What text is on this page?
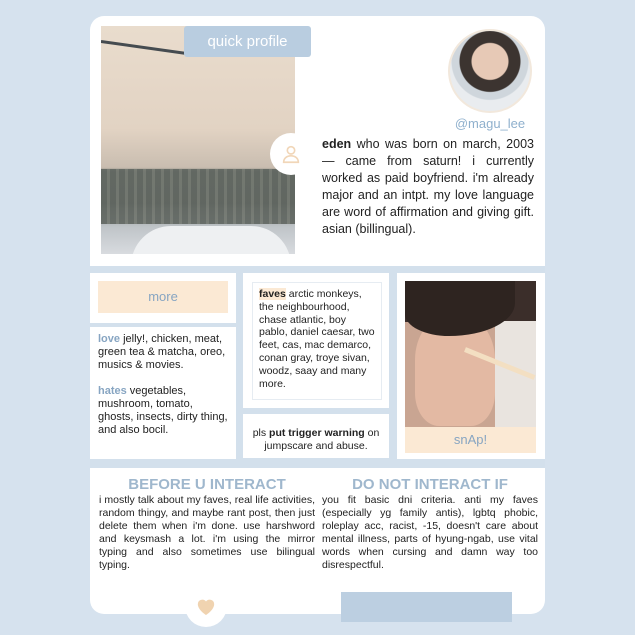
quick profile
@magu_lee
eden who was born on march, 2003 — came from saturn! i currently worked as paid boyfriend. i'm already major and an intpt. my love language are word of affirmation and giving gift. asian (billingual).
more

love jelly!, chicken, meat, green tea & matcha, oreo, musics & movies.

hates vegetables, mushroom, tomato, ghosts, insects, dirty thing, and also bocil.

faves arctic monkeys, the neighbourhood, chase atlantic, boy pablo, daniel caesar, two feet, cas, mac demarco, conan gray, troye sivan, woodz, saay and many more.
pls put trigger warning on jumpscare and abuse.	snAp!
BEFORE U INTERACT
i mostly talk about my faves, real life activities, random thingy, and maybe rant post, then just delete them when i'm done. use harshword and keysmash a lot. i'm using the mirror typing and also sometimes use bilingual typing.
DO NOT INTERACT IF
you fit basic dni criteria. anti my faves (especially yg family antis), lgbtq phobic, roleplay acc, racist, -15, doesn't care about mental illness, parts of hyung-ngab, use vital words when cursing and damn way too disrespectful.
